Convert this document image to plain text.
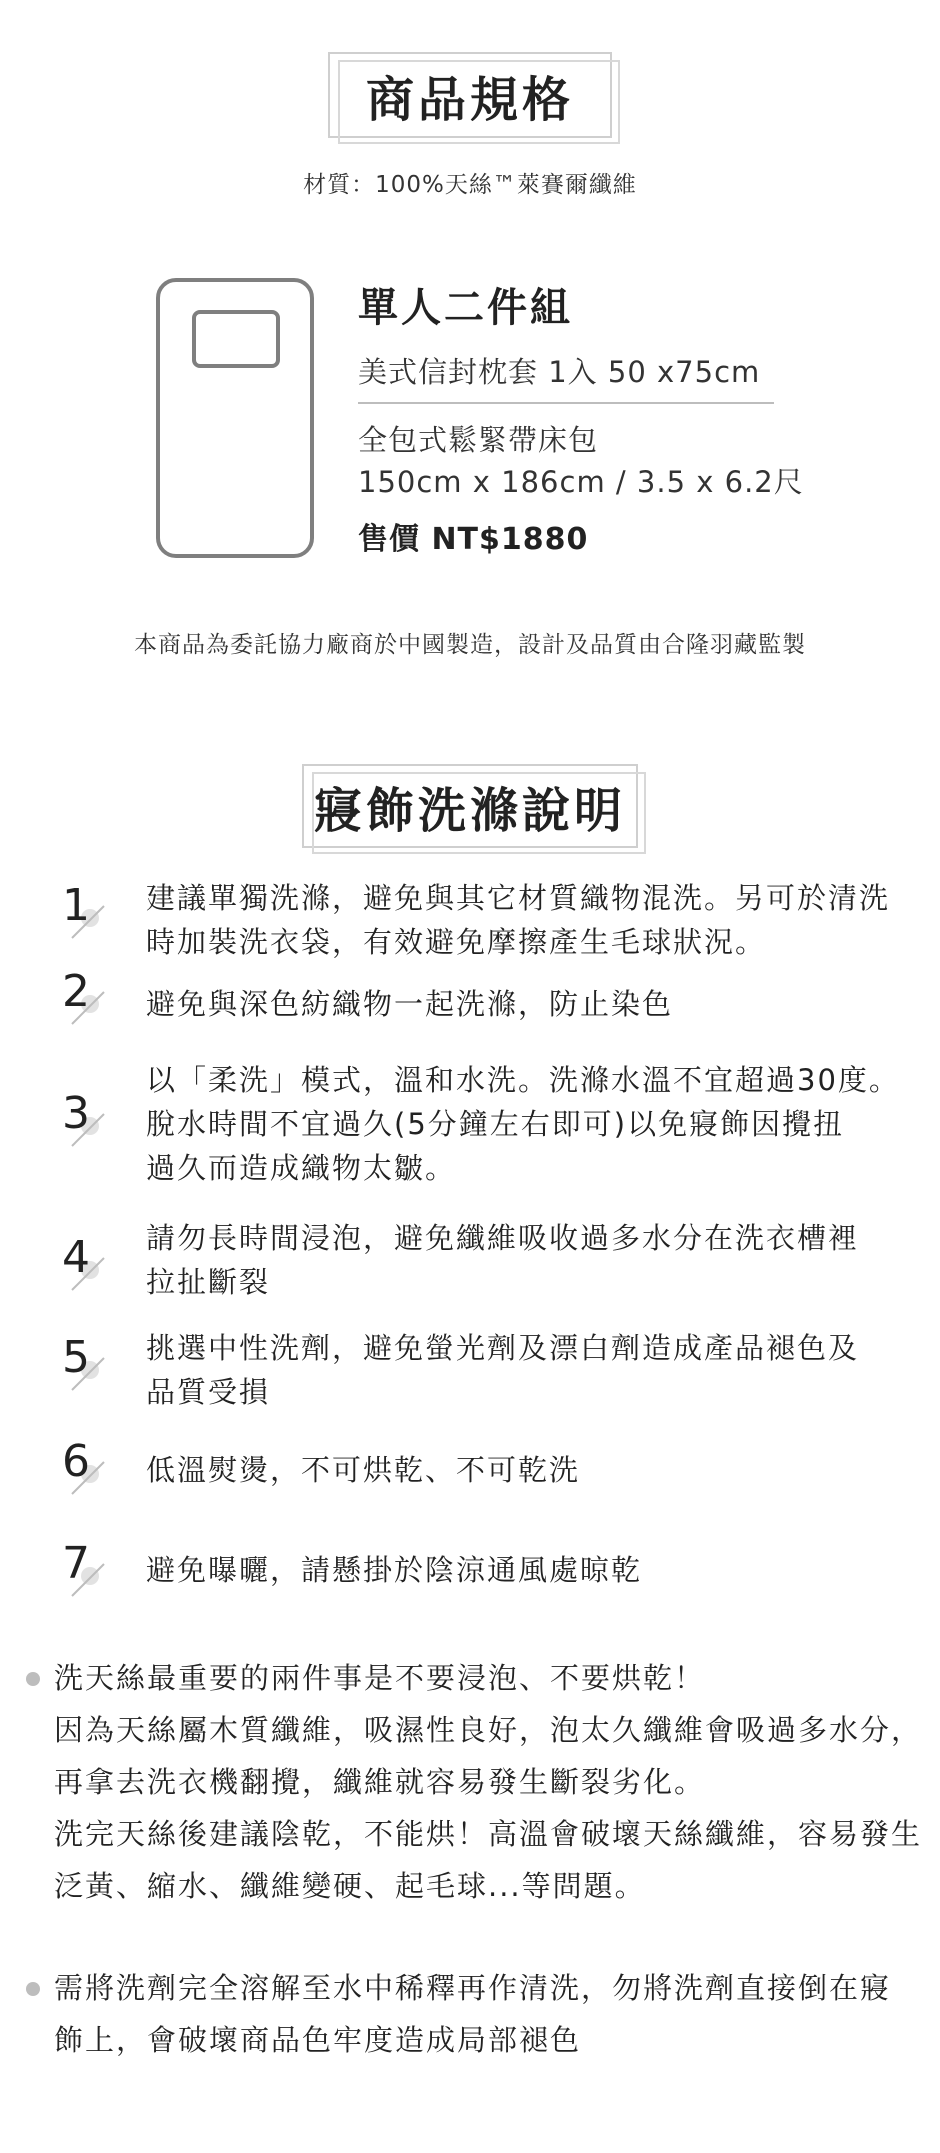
商品規格
材質：100%天絲™萊賽爾纖維
單人二件組
美式信封枕套 1入 50 x75cm
全包式鬆緊帶床包
150cm x 186cm / 3.5 x 6.2尺
售價 NT$1880
本商品為委託協力廠商於中國製造，設計及品質由合隆羽藏監製
寢飾洗滌說明
1 建議單獨洗滌，避免與其它材質織物混洗。另可於清洗
時加裝洗衣袋，有效避免摩擦產生毛球狀況。
2 避免與深色紡織物一起洗滌，防止染色
3
以「柔洗」模式，溫和水洗。洗滌水溫不宜超過30度。
脫水時間不宜過久(5分鐘左右即可)以免寢飾因攪扭
過久而造成織物太皺。
4 請勿長時間浸泡，避免纖維吸收過多水分在洗衣槽裡
拉扯斷裂
5 挑選中性洗劑，避免螢光劑及漂白劑造成產品褪色及
品質受損
6 低溫熨燙，不可烘乾、不可乾洗
7 避免曝曬，請懸掛於陰涼通風處晾乾
洗天絲最重要的兩件事是不要浸泡、不要烘乾！
因為天絲屬木質纖維，吸濕性良好，泡太久纖維會吸過多水分，
再拿去洗衣機翻攪，纖維就容易發生斷裂劣化。
洗完天絲後建議陰乾，不能烘！高溫會破壞天絲纖維，容易發生
泛黃、縮水、纖維變硬、起毛球...等問題。
需將洗劑完全溶解至水中稀釋再作清洗，勿將洗劑直接倒在寢
飾上，會破壞商品色牢度造成局部褪色
